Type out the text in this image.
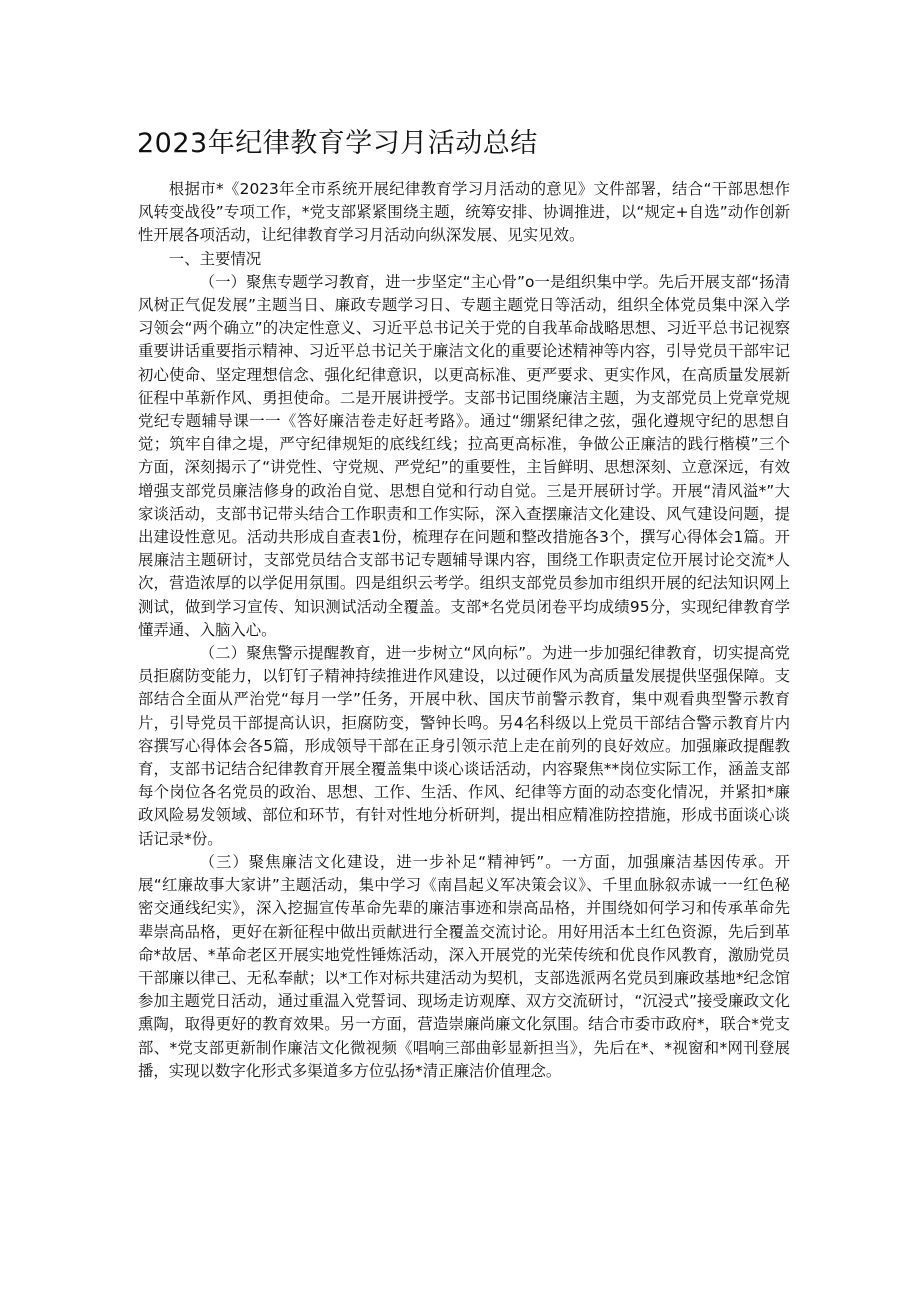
2023年纪律教育学习月活动总结

根据市*《2023年全市系统开展纪律教育学习月活动的意见》文件部署，结合“干部思想作风转变战役”专项工作，*党支部紧紧围绕主题，统筹安排、协调推进，以“规定+自选”动作创新性开展各项活动，让纪律教育学习月活动向纵深发展、见实见效。

一、主要情况

（一）聚焦专题学习教育，进一步坚定“主心骨”o一是组织集中学。先后开展支部“扬清风树正气促发展”主题当日、廉政专题学习日、专题主题党日等活动，组织全体党员集中深入学习领会“两个确立”的决定性意义、习近平总书记关于党的自我革命战略思想、习近平总书记视察重要讲话重要指示精神、习近平总书记关于廉洁文化的重要论述精神等内容，引导党员干部牢记初心使命、坚定理想信念、强化纪律意识，以更高标准、更严要求、更实作风，在高质量发展新征程中革新作风、勇担使命。二是开展讲授学。支部书记围绕廉洁主题，为支部党员上党章党规党纪专题辅导课一一《答好廉洁卷走好赶考路》。通过“绷紧纪律之弦，强化遵规守纪的思想自觉；筑牢自律之堤，严守纪律规矩的底线红线；拉高更高标准，争做公正廉洁的践行楷模”三个方面，深刻揭示了“讲党性、守党规、严党纪”的重要性，主旨鲜明、思想深刻、立意深远，有效增强支部党员廉洁修身的政治自觉、思想自觉和行动自觉。三是开展研讨学。开展“清风溢*”大家谈活动，支部书记带头结合工作职责和工作实际，深入查摆廉洁文化建设、风气建设问题，提出建设性意见。活动共形成自查表1份，梳理存在问题和整改措施各3个，撰写心得体会1篇。开展廉洁主题研讨，支部党员结合支部书记专题辅导课内容，围绕工作职责定位开展讨论交流*人次，营造浓厚的以学促用氛围。四是组织云考学。组织支部党员参加市组织开展的纪法知识网上测试，做到学习宣传、知识测试活动全覆盖。支部*名党员闭卷平均成绩95分，实现纪律教育学懂弄通、入脑入心。

（二）聚焦警示提醒教育，进一步树立“风向标”。为进一步加强纪律教育，切实提高党员拒腐防变能力，以钉钉子精神持续推进作风建设，以过硬作风为高质量发展提供坚强保障。支部结合全面从严治党“每月一学”任务，开展中秋、国庆节前警示教育，集中观看典型警示教育片，引导党员干部提高认识，拒腐防变，警钟长鸣。另4名科级以上党员干部结合警示教育片内容撰写心得体会各5篇，形成领导干部在正身引领示范上走在前列的良好效应。加强廉政提醒教育，支部书记结合纪律教育开展全覆盖集中谈心谈话活动，内容聚焦**岗位实际工作，涵盖支部每个岗位各名党员的政治、思想、工作、生活、作风、纪律等方面的动态变化情况，并紧扣*廉政风险易发领域、部位和环节，有针对性地分析研判，提出相应精准防控措施，形成书面谈心谈话记录*份。

（三）聚焦廉洁文化建设，进一步补足“精神钙”。一方面，加强廉洁基因传承。开展“红廉故事大家讲”主题活动，集中学习《南昌起义军决策会议》、千里血脉叙赤诚一一红色秘密交通线纪实》，深入挖掘宣传革命先辈的廉洁事迹和崇高品格，并围绕如何学习和传承革命先辈崇高品格，更好在新征程中做出贡献进行全覆盖交流讨论。用好用活本土红色资源，先后到革命*故居、*革命老区开展实地党性锤炼活动，深入开展党的光荣传统和优良作风教育，激励党员干部廉以律己、无私奉献；以*工作对标共建活动为契机，支部选派两名党员到廉政基地*纪念馆参加主题党日活动，通过重温入党誓词、现场走访观摩、双方交流研讨，“沉浸式”接受廉政文化熏陶，取得更好的教育效果。另一方面，营造崇廉尚廉文化氛围。结合市委市政府*，联合*党支部、*党支部更新制作廉洁文化微视频《唱响三部曲彰显新担当》，先后在*、*视窗和*网刊登展播，实现以数字化形式多渠道多方位弘扬*清正廉洁价值理念。
